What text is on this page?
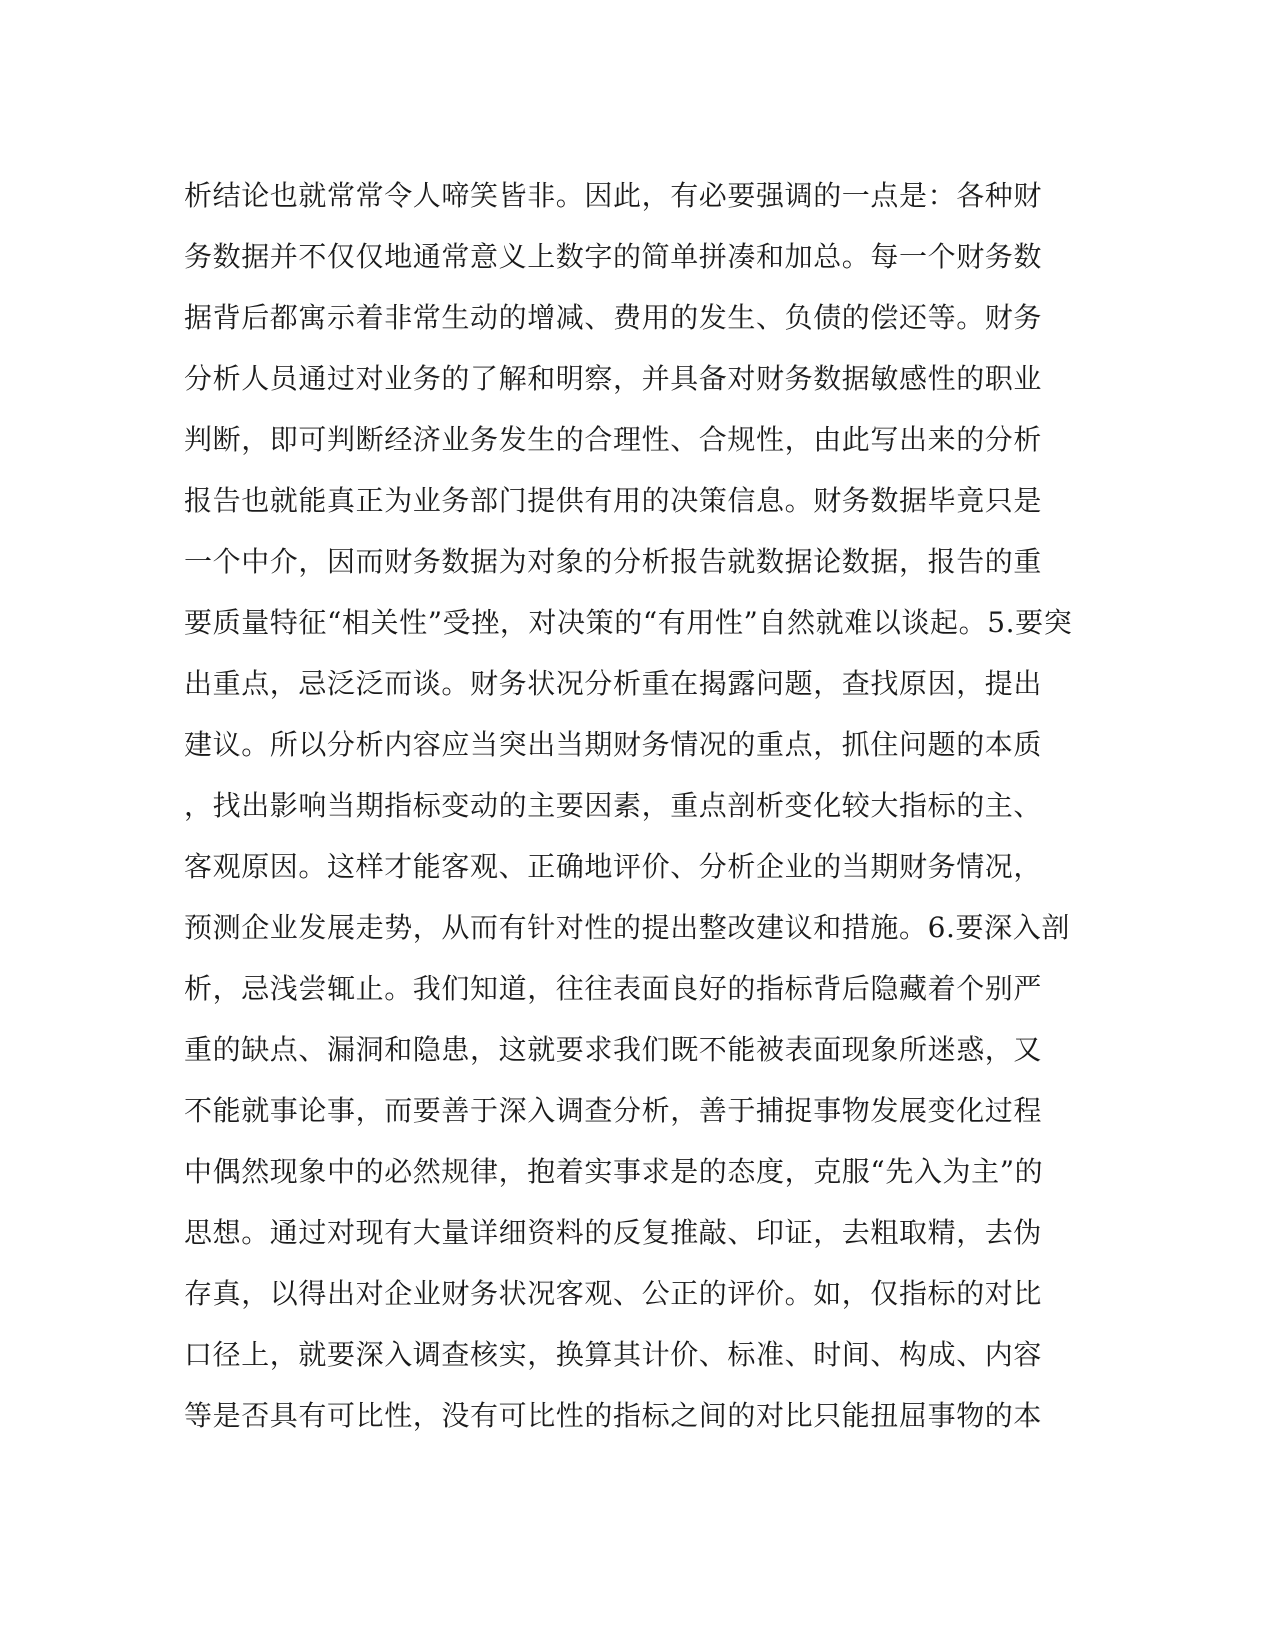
析结论也就常常令人啼笑皆非。因此，有必要强调的一点是：各种财
务数据并不仅仅地通常意义上数字的简单拼凑和加总。每一个财务数
据背后都寓示着非常生动的增减、费用的发生、负债的偿还等。财务
分析人员通过对业务的了解和明察，并具备对财务数据敏感性的职业
判断，即可判断经济业务发生的合理性、合规性，由此写出来的分析
报告也就能真正为业务部门提供有用的决策信息。财务数据毕竟只是
一个中介，因而财务数据为对象的分析报告就数据论数据，报告的重
要质量特征“相关性”受挫，对决策的“有用性”自然就难以谈起。5.要突
出重点，忌泛泛而谈。财务状况分析重在揭露问题，查找原因，提出
建议。所以分析内容应当突出当期财务情况的重点，抓住问题的本质
，找出影响当期指标变动的主要因素，重点剖析变化较大指标的主、
客观原因。这样才能客观、正确地评价、分析企业的当期财务情况，
预测企业发展走势，从而有针对性的提出整改建议和措施。6.要深入剖
析，忌浅尝辄止。我们知道，往往表面良好的指标背后隐藏着个别严
重的缺点、漏洞和隐患，这就要求我们既不能被表面现象所迷惑，又
不能就事论事，而要善于深入调查分析，善于捕捉事物发展变化过程
中偶然现象中的必然规律，抱着实事求是的态度，克服“先入为主”的
思想。通过对现有大量详细资料的反复推敲、印证，去粗取精，去伪
存真，以得出对企业财务状况客观、公正的评价。如，仅指标的对比
口径上，就要深入调查核实，换算其计价、标准、时间、构成、内容
等是否具有可比性，没有可比性的指标之间的对比只能扭屈事物的本
